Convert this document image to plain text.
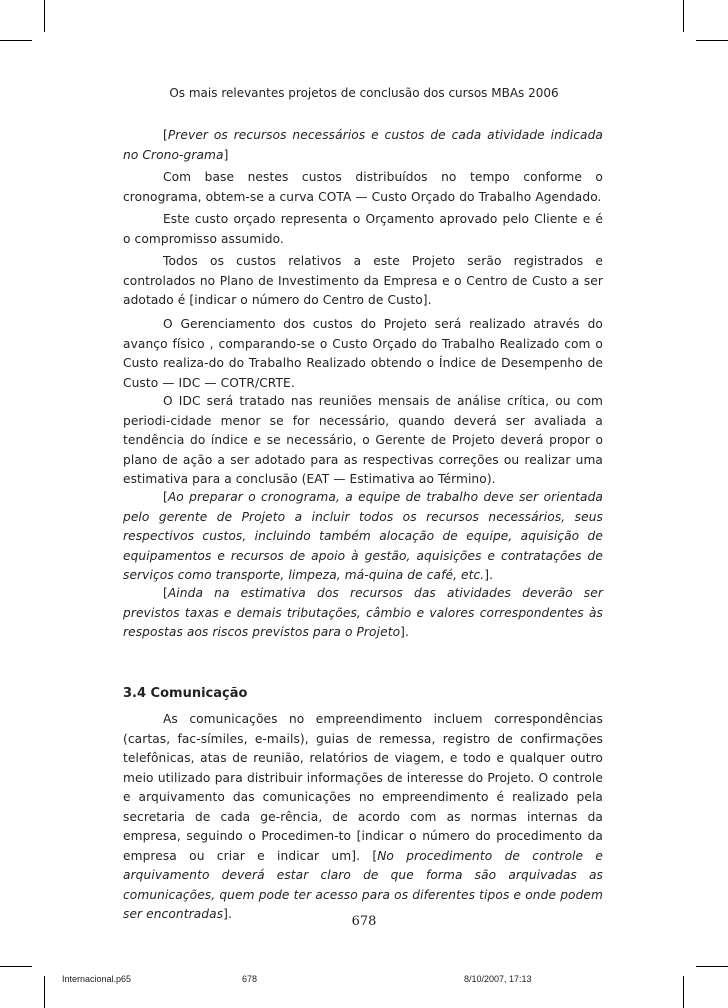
Os mais relevantes projetos de conclusão dos cursos MBAs 2006

[Prever os recursos necessários e custos de cada atividade indicada no Crono-grama]

Com base nestes custos distribuídos no tempo conforme o cronograma, obtem-se a curva COTA — Custo Orçado do Trabalho Agendado.

Este custo orçado representa o Orçamento aprovado pelo Cliente e é o compromisso assumido.

Todos os custos relativos a este Projeto serão registrados e controlados no Plano de Investimento da Empresa e o Centro de Custo a ser adotado é [indicar o número do Centro de Custo].

O Gerenciamento dos custos do Projeto será realizado através do avanço físico , comparando-se o Custo Orçado do Trabalho Realizado com o Custo realiza-do do Trabalho Realizado obtendo o Índice de Desempenho de Custo — IDC — COTR/CRTE.

O IDC será tratado nas reuniões mensais de análise crítica, ou com periodi-cidade menor se for necessário, quando deverá ser avaliada a tendência do índice e se necessário, o Gerente de Projeto deverá propor o plano de ação a ser adotado para as respectivas correções ou realizar uma estimativa para a conclusão (EAT — Estimativa ao Término).

[Ao preparar o cronograma, a equipe de trabalho deve ser orientada pelo gerente de Projeto a incluir todos os recursos necessários, seus respectivos custos, incluindo também alocação de equipe, aquisição de equipamentos e recursos de apoio à gestão, aquisições e contratações de serviços como transporte, limpeza, má-quina de café, etc.].

[Ainda na estimativa dos recursos das atividades deverão ser previstos taxas e demais tributações, câmbio e valores correspondentes às respostas aos riscos previstos para o Projeto].

3.4 Comunicação

As comunicações no empreendimento incluem correspondências (cartas, fac-símiles, e-mails), guias de remessa, registro de confirmações telefônicas, atas de reunião, relatórios de viagem, e todo e qualquer outro meio utilizado para distribuir informações de interesse do Projeto. O controle e arquivamento das comunicações no empreendimento é realizado pela secretaria de cada ge-rência, de acordo com as normas internas da empresa, seguindo o Procedimen-to [indicar o número do procedimento da empresa ou criar e indicar um]. [No procedimento de controle e arquivamento deverá estar claro de que forma são arquivadas as comunicações, quem pode ter acesso para os diferentes tipos e onde podem ser encontradas].	678
Internacional.p65	678	8/10/2007, 17:13
